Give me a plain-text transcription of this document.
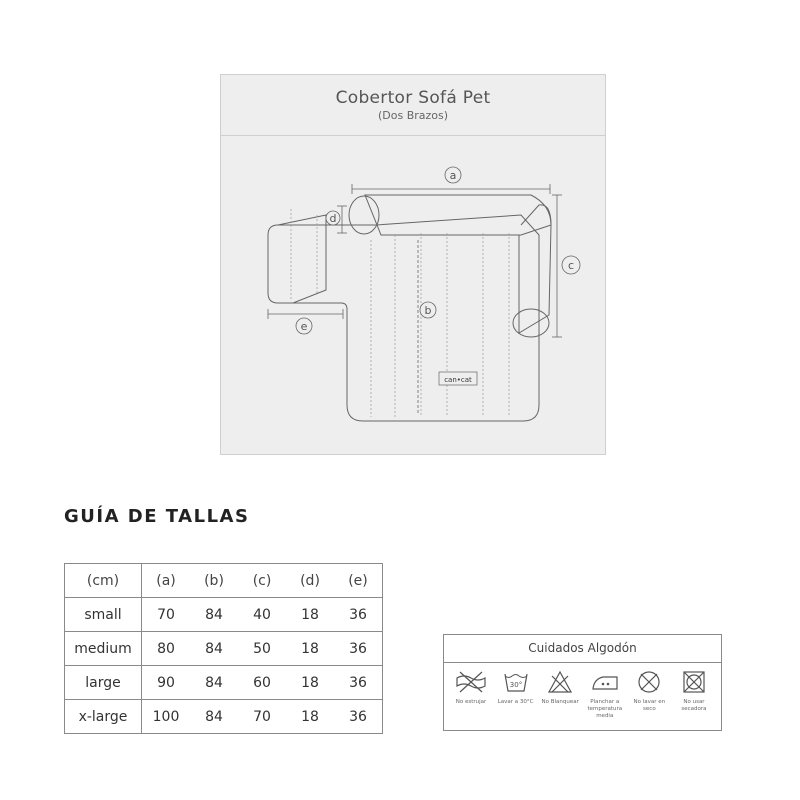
Cobertor Sofá Pet
(Dos Brazos)
a
b
c
d
e
can•cat
GUÍA DE TALLAS
(cm)	(a)	(b)	(c)	(d)	(e)
small	70	84	40	18	36
medium	80	84	50	18	36
large	90	84	60	18	36
x-large	100	84	70	18	36
Cuidados Algodón
No estrujar
30°
Lavar a 30°C	No Blanquear	Planchar a temperatura media
No lavar en seco
No usar secadora
